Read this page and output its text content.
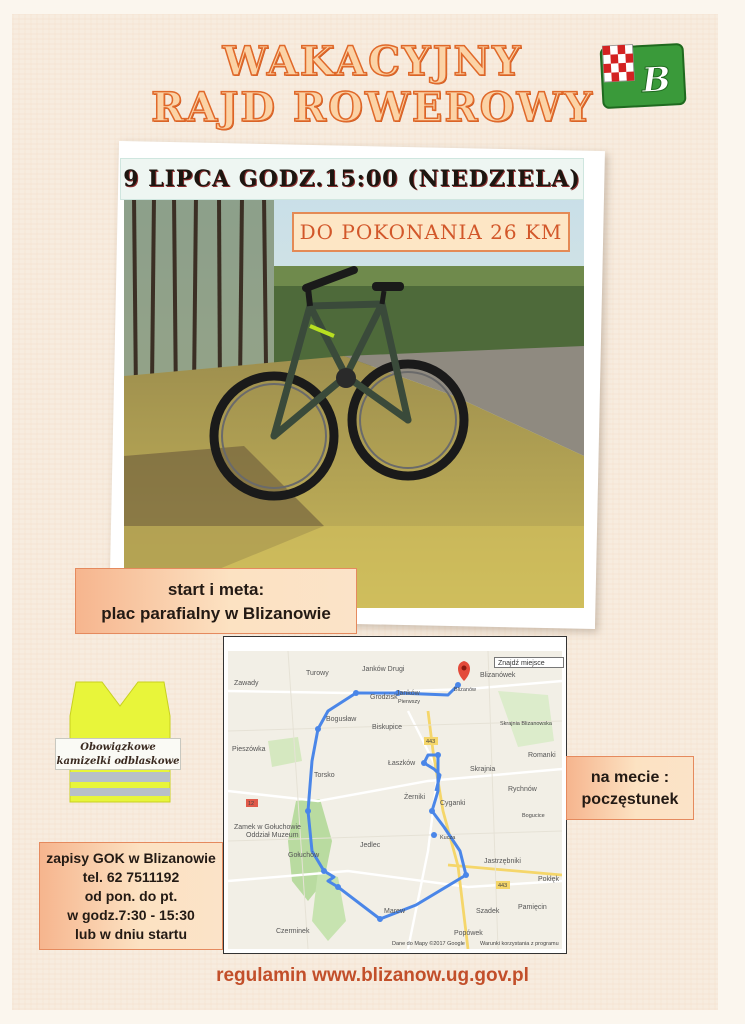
WAKACYJNY
RAJD ROWEROWY
B
9 LIPCA GODZ.15:00 (NIEDZIELA)
DO POKONANIA 26 KM
start i meta:
plac parafialny w Blizanowie
Obowiązkowe
kamizelki odblaskowe
Zawady
Turowy
Janków Drugi
Blizanówek
Grodzisk
Janków
Pierwszy
Blizanów
Bogusław
Biskupice	Skrajnia Blizanowska
Pieszówka
Łaszków
Romanki
Torsko
Skrajnia
Rychnów
Żerniki
Cyganki
Bogucice
Zamek w Gołuchowie
Oddział Muzeum
Jedlec
Kucza
Gołuchów
Jastrzębniki
Pokłęk
Pamięcin
Szadek
Marew
Czerminek	Popówek
443
443
12
Dane do Mapy ©2017 Google	Warunki korzystania z programu
Znajdź miejsce
na mecie :
poczęstunek
zapisy GOK w Blizanowie
tel. 62 7511192
od pon. do pt.
w godz.7:30 - 15:30
lub w dniu startu
regulamin www.blizanow.ug.gov.pl
